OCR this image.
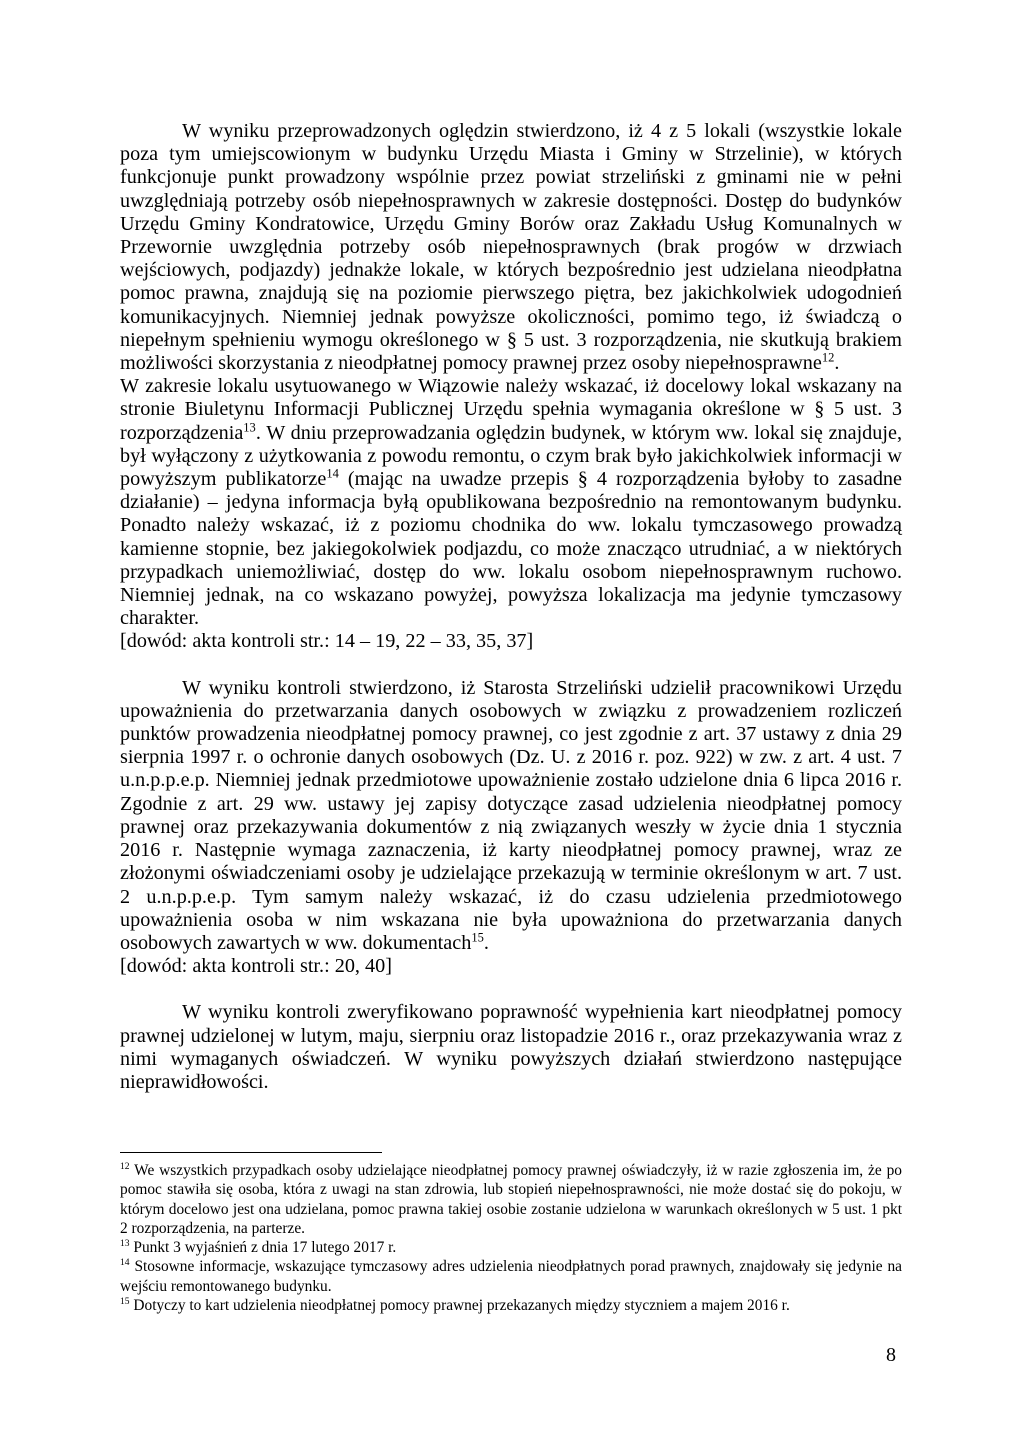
W wyniku przeprowadzonych oględzin stwierdzono, iż 4 z 5 lokali (wszystkie lokale poza tym umiejscowionym w budynku Urzędu Miasta i Gminy w Strzelinie), w których funkcjonuje punkt prowadzony wspólnie przez powiat strzeliński z gminami nie w pełni uwzględniają potrzeby osób niepełnosprawnych w zakresie dostępności. Dostęp do budynków Urzędu Gminy Kondratowice, Urzędu Gminy Borów oraz Zakładu Usług Komunalnych w Przewornie uwzględnia potrzeby osób niepełnosprawnych (brak progów w drzwiach wejściowych, podjazdy) jednakże lokale, w których bezpośrednio jest udzielana nieodpłatna pomoc prawna, znajdują się na poziomie pierwszego piętra, bez jakichkolwiek udogodnień komunikacyjnych. Niemniej jednak powyższe okoliczności, pomimo tego, iż świadczą o niepełnym spełnieniu wymogu określonego w § 5 ust. 3 rozporządzenia, nie skutkują brakiem możliwości skorzystania z nieodpłatnej pomocy prawnej przez osoby niepełnosprawne$^{12}$.

W zakresie lokalu usytuowanego w Wiązowie należy wskazać, iż docelowy lokal wskazany na stronie Biuletynu Informacji Publicznej Urzędu spełnia wymagania określone w § 5 ust. 3 rozporządzenia$^{13}$. W dniu przeprowadzania oględzin budynek, w którym ww. lokal się znajduje, był wyłączony z użytkowania z powodu remontu, o czym brak było jakichkolwiek informacji w powyższym publikatorze$^{14}$ (mając na uwadze przepis § 4 rozporządzenia byłoby to zasadne działanie) – jedyna informacja byłą opublikowana bezpośrednio na remontowanym budynku. Ponadto należy wskazać, iż z poziomu chodnika do ww. lokalu tymczasowego prowadzą kamienne stopnie, bez jakiegokolwiek podjazdu, co może znacząco utrudniać, a w niektórych przypadkach uniemożliwiać, dostęp do ww. lokalu osobom niepełnosprawnym ruchowo. Niemniej jednak, na co wskazano powyżej, powyższa lokalizacja ma jedynie tymczasowy charakter.

[dowód: akta kontroli str.: 14 – 19, 22 – 33, 35, 37]

W wyniku kontroli stwierdzono, iż Starosta Strzeliński udzielił pracownikowi Urzędu upoważnienia do przetwarzania danych osobowych w związku z prowadzeniem rozliczeń punktów prowadzenia nieodpłatnej pomocy prawnej, co jest zgodnie z art. 37 ustawy z dnia 29 sierpnia 1997 r. o ochronie danych osobowych (Dz. U. z 2016 r. poz. 922) w zw. z art. 4 ust. 7 u.n.p.p.e.p. Niemniej jednak przedmiotowe upoważnienie zostało udzielone dnia 6 lipca 2016 r. Zgodnie z art. 29 ww. ustawy jej zapisy dotyczące zasad udzielenia nieodpłatnej pomocy prawnej oraz przekazywania dokumentów z nią związanych weszły w życie dnia 1 stycznia 2016 r. Następnie wymaga zaznaczenia, iż karty nieodpłatnej pomocy prawnej, wraz ze złożonymi oświadczeniami osoby je udzielające przekazują w terminie określonym w art. 7 ust. 2 u.n.p.p.e.p. Tym samym należy wskazać, iż do czasu udzielenia przedmiotowego upoważnienia osoba w nim wskazana nie była upoważniona do przetwarzania danych osobowych zawartych w ww. dokumentach$^{15}$.

[dowód: akta kontroli str.: 20, 40]

W wyniku kontroli zweryfikowano poprawność wypełnienia kart nieodpłatnej pomocy prawnej udzielonej w lutym, maju, sierpniu oraz listopadzie 2016 r., oraz przekazywania wraz z nimi wymaganych oświadczeń. W wyniku powyższych działań stwierdzono następujące nieprawidłowości.

$^{12}$ We wszystkich przypadkach osoby udzielające nieodpłatnej pomocy prawnej oświadczyły, iż w razie zgłoszenia im, że po pomoc stawiła się osoba, która z uwagi na stan zdrowia, lub stopień niepełnosprawności, nie może dostać się do pokoju, w którym docelowo jest ona udzielana, pomoc prawna takiej osobie zostanie udzielona w warunkach określonych w 5 ust. 1 pkt 2 rozporządzenia, na parterze.

$^{13}$ Punkt 3 wyjaśnień z dnia 17 lutego 2017 r.

$^{14}$ Stosowne informacje, wskazujące tymczasowy adres udzielenia nieodpłatnych porad prawnych, znajdowały się jedynie na wejściu remontowanego budynku.

$^{15}$ Dotyczy to kart udzielenia nieodpłatnej pomocy prawnej przekazanych między styczniem a majem 2016 r.

8
